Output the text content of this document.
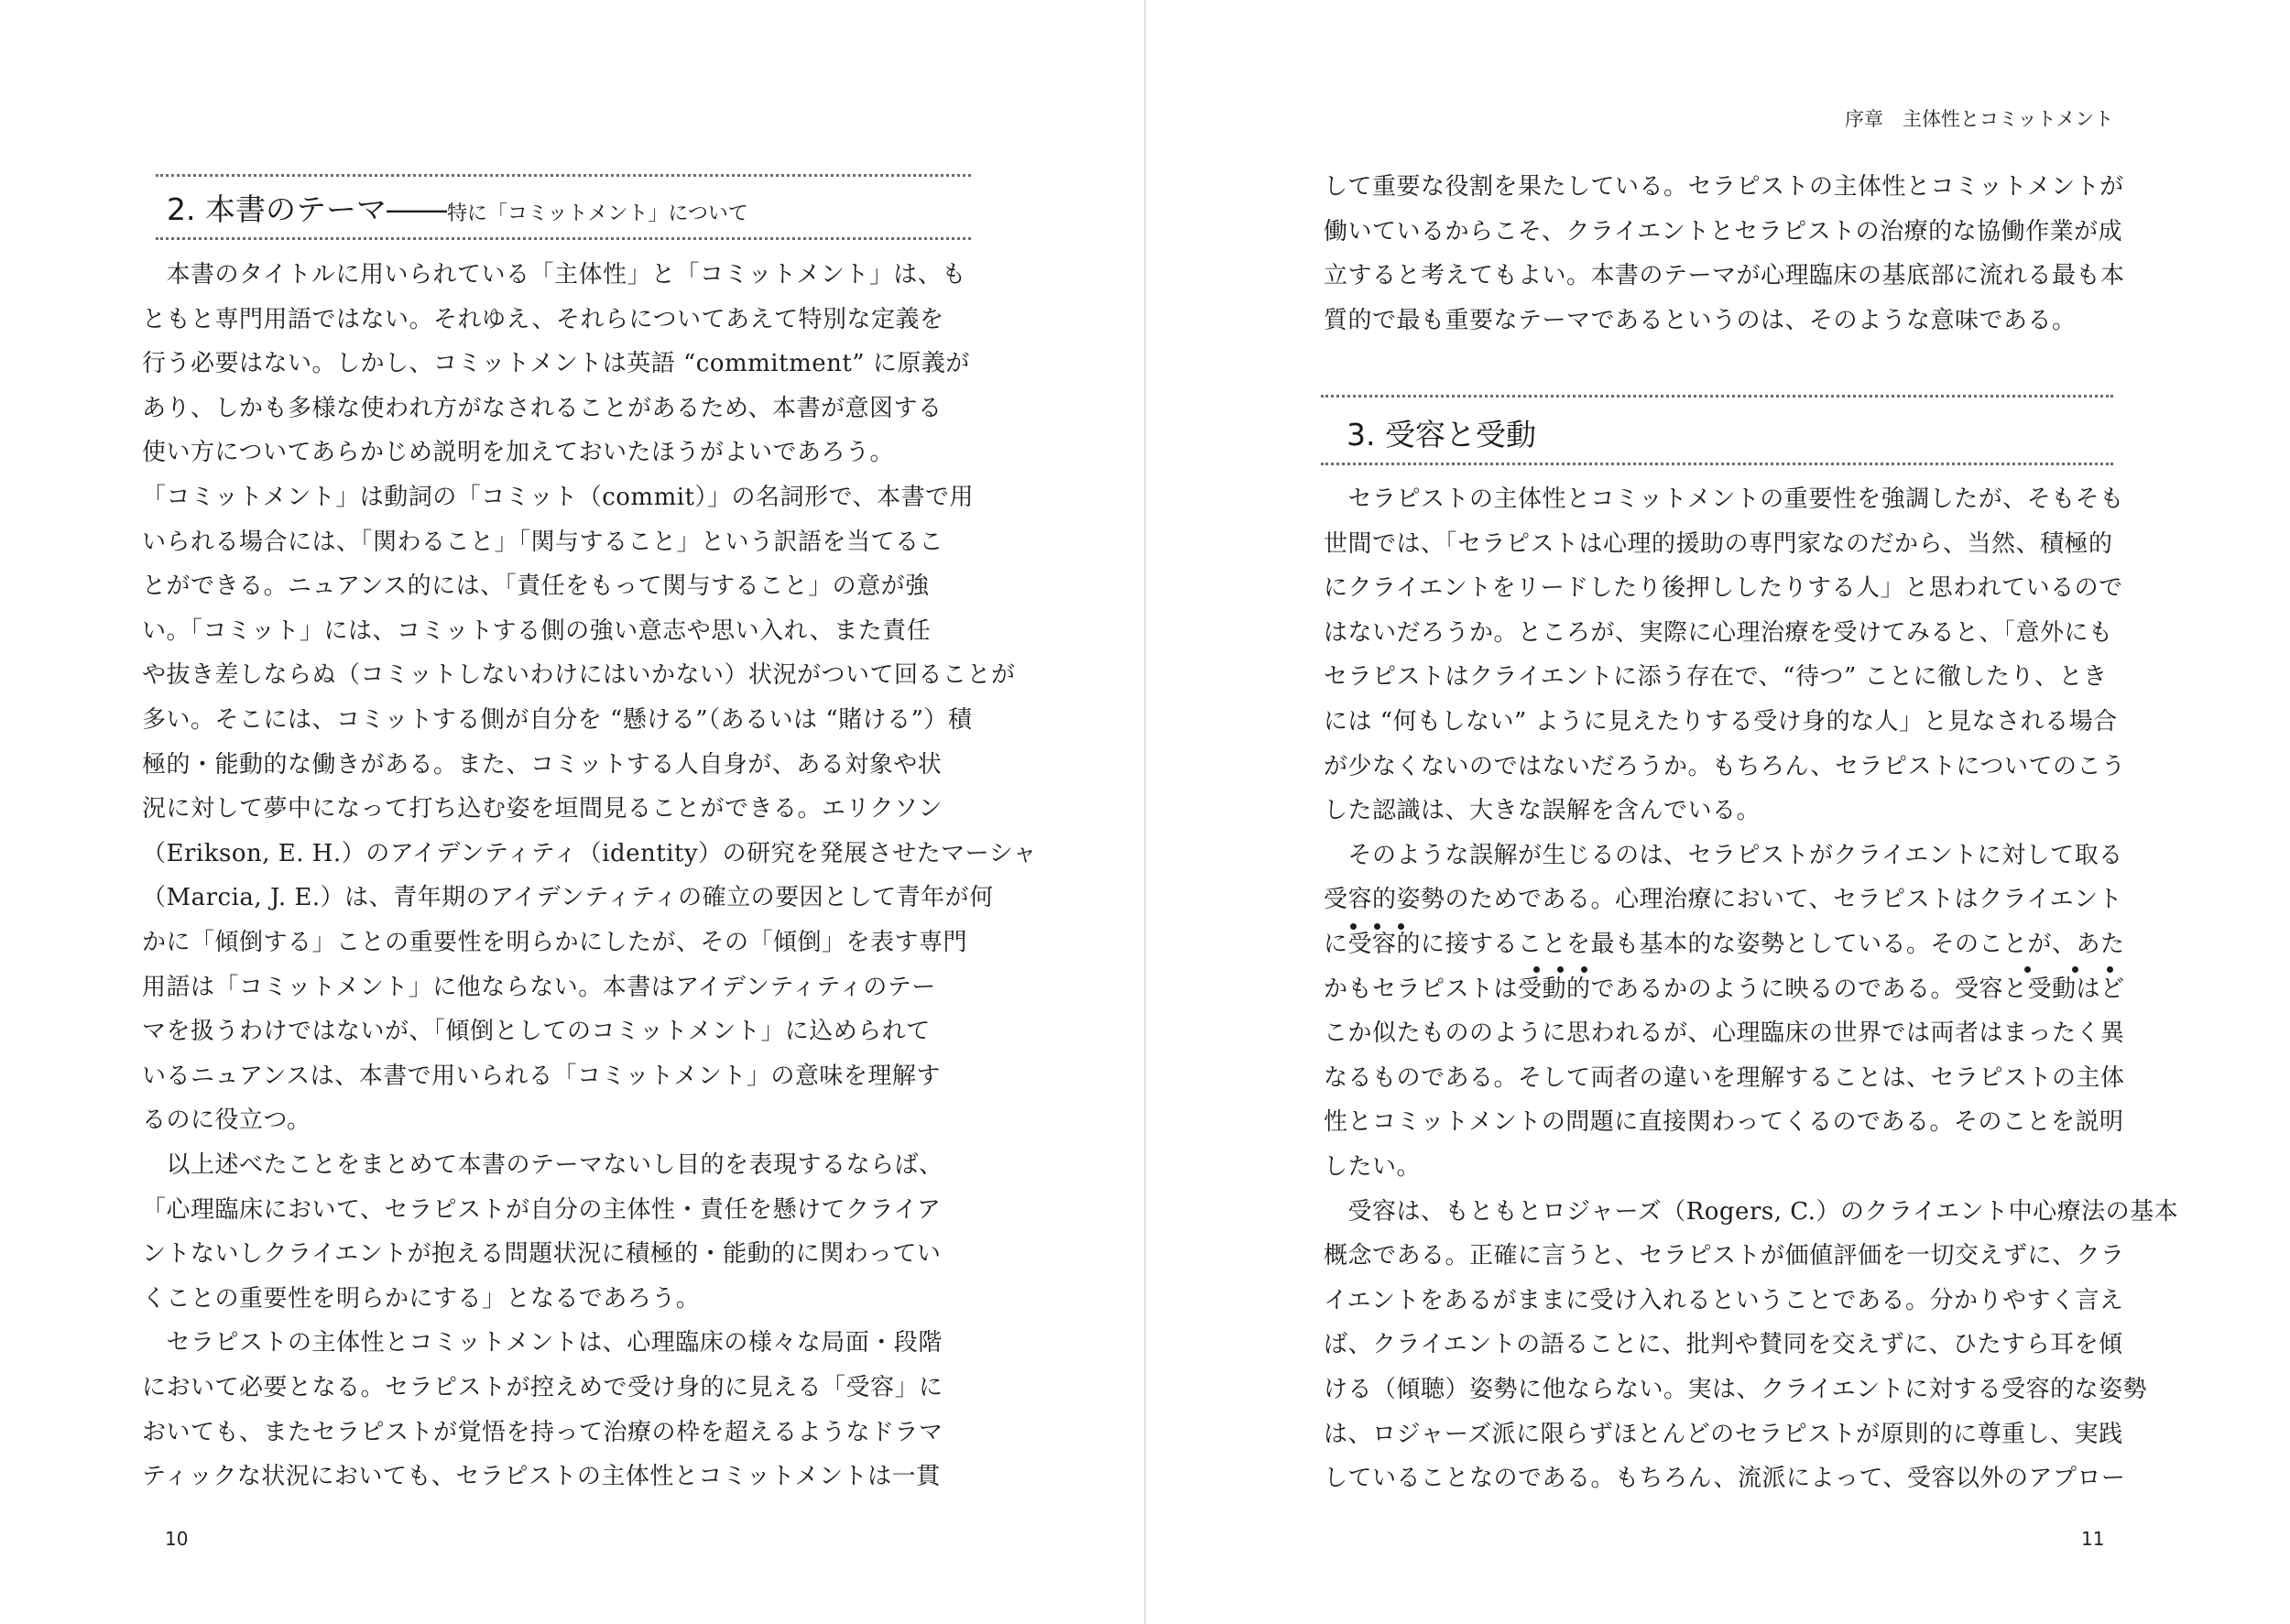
2. 本書のテーマ――特に「コミットメント」について
　本書のタイトルに用いられている「主体性」と「コミットメント」は、も
ともと専門用語ではない。それゆえ、それらについてあえて特別な定義を
行う必要はない。しかし、コミットメントは英語 “commitment” に原義が
あり、しかも多様な使われ方がなされることがあるため、本書が意図する
使い方についてあらかじめ説明を加えておいたほうがよいであろう。
「コミットメント」は動詞の「コミット（commit）」の名詞形で、本書で用
いられる場合には、「関わること」「関与すること」という訳語を当てるこ
とができる。ニュアンス的には、「責任をもって関与すること」の意が強
い。「コミット」には、コミットする側の強い意志や思い入れ、また責任
や抜き差しならぬ（コミットしないわけにはいかない）状況がついて回ることが
多い。そこには、コミットする側が自分を “懸ける”（あるいは “賭ける”）積
極的・能動的な働きがある。また、コミットする人自身が、ある対象や状
況に対して夢中になって打ち込む姿を垣間見ることができる。エリクソン
（Erikson, E. H.）のアイデンティティ（identity）の研究を発展させたマーシャ
（Marcia, J. E.）は、青年期のアイデンティティの確立の要因として青年が何
かに「傾倒する」ことの重要性を明らかにしたが、その「傾倒」を表す専門
用語は「コミットメント」に他ならない。本書はアイデンティティのテー
マを扱うわけではないが、「傾倒としてのコミットメント」に込められて
いるニュアンスは、本書で用いられる「コミットメント」の意味を理解す
るのに役立つ。
　以上述べたことをまとめて本書のテーマないし目的を表現するならば、
「心理臨床において、セラピストが自分の主体性・責任を懸けてクライア
ントないしクライエントが抱える問題状況に積極的・能動的に関わってい
くことの重要性を明らかにする」となるであろう。
　セラピストの主体性とコミットメントは、心理臨床の様々な局面・段階
において必要となる。セラピストが控えめで受け身的に見える「受容」に
おいても、またセラピストが覚悟を持って治療の枠を超えるようなドラマ
ティックな状況においても、セラピストの主体性とコミットメントは一貫
10
序章　主体性とコミットメント
して重要な役割を果たしている。セラピストの主体性とコミットメントが
働いているからこそ、クライエントとセラピストの治療的な協働作業が成
立すると考えてもよい。本書のテーマが心理臨床の基底部に流れる最も本
質的で最も重要なテーマであるというのは、そのような意味である。
3. 受容と受動
　セラピストの主体性とコミットメントの重要性を強調したが、そもそも
世間では、「セラピストは心理的援助の専門家なのだから、当然、積極的
にクライエントをリードしたり後押ししたりする人」と思われているので
はないだろうか。ところが、実際に心理治療を受けてみると、「意外にも
セラピストはクライエントに添う存在で、“待つ” ことに徹したり、とき
には “何もしない” ように見えたりする受け身的な人」と見なされる場合
が少なくないのではないだろうか。もちろん、セラピストについてのこう
した認識は、大きな誤解を含んでいる。
　そのような誤解が生じるのは、セラピストがクライエントに対して取る
受容的姿勢のためである。心理治療において、セラピストはクライエント
に受容的に接することを最も基本的な姿勢としている。そのことが、あた
かもセラピストは受動的であるかのように映るのである。受容と受動はど
こか似たもののように思われるが、心理臨床の世界では両者はまったく異
なるものである。そして両者の違いを理解することは、セラピストの主体
性とコミットメントの問題に直接関わってくるのである。そのことを説明
したい。
　受容は、もともとロジャーズ（Rogers, C.）のクライエント中心療法の基本
概念である。正確に言うと、セラピストが価値評価を一切交えずに、クラ
イエントをあるがままに受け入れるということである。分かりやすく言え
ば、クライエントの語ることに、批判や賛同を交えずに、ひたすら耳を傾
ける（傾聴）姿勢に他ならない。実は、クライエントに対する受容的な姿勢
は、ロジャーズ派に限らずほとんどのセラピストが原則的に尊重し、実践
していることなのである。もちろん、流派によって、受容以外のアプロー
11
